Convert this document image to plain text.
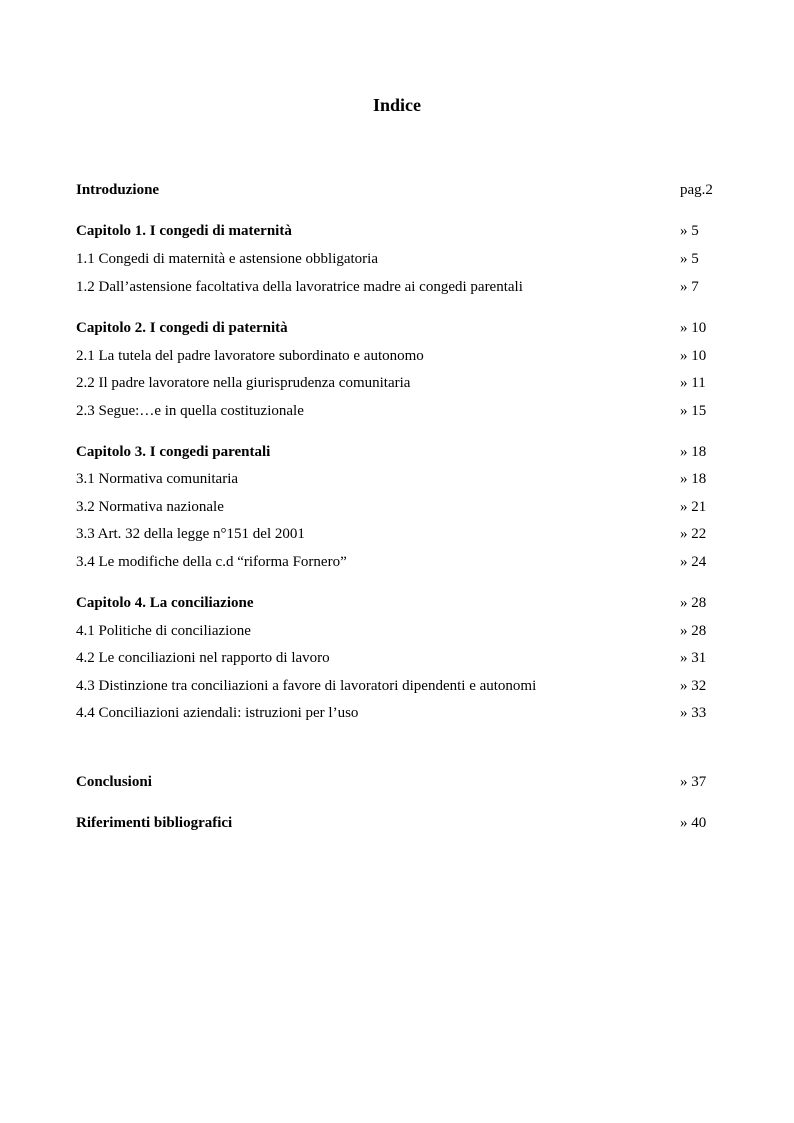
Indice
Introduzione	pag.2
Capitolo 1. I congedi di maternità	» 5
1.1 Congedi di maternità e astensione obbligatoria	» 5
1.2 Dall’astensione facoltativa della lavoratrice madre ai congedi parentali	» 7
Capitolo 2. I congedi di paternità	» 10
2.1 La tutela del padre lavoratore subordinato e autonomo	» 10
2.2 Il padre lavoratore nella giurisprudenza comunitaria	» 11
2.3 Segue:…e in quella costituzionale	» 15
Capitolo 3. I congedi parentali	» 18
3.1 Normativa comunitaria	» 18
3.2 Normativa nazionale	» 21
3.3 Art. 32 della legge n°151 del 2001	» 22
3.4 Le modifiche della c.d “riforma Fornero”	» 24
Capitolo 4. La conciliazione	» 28
4.1 Politiche di conciliazione	» 28
4.2 Le conciliazioni nel rapporto di lavoro	» 31
4.3 Distinzione tra conciliazioni a favore di lavoratori dipendenti e autonomi	» 32
4.4 Conciliazioni aziendali: istruzioni per l’uso	» 33
Conclusioni	» 37
Riferimenti bibliografici	» 40
